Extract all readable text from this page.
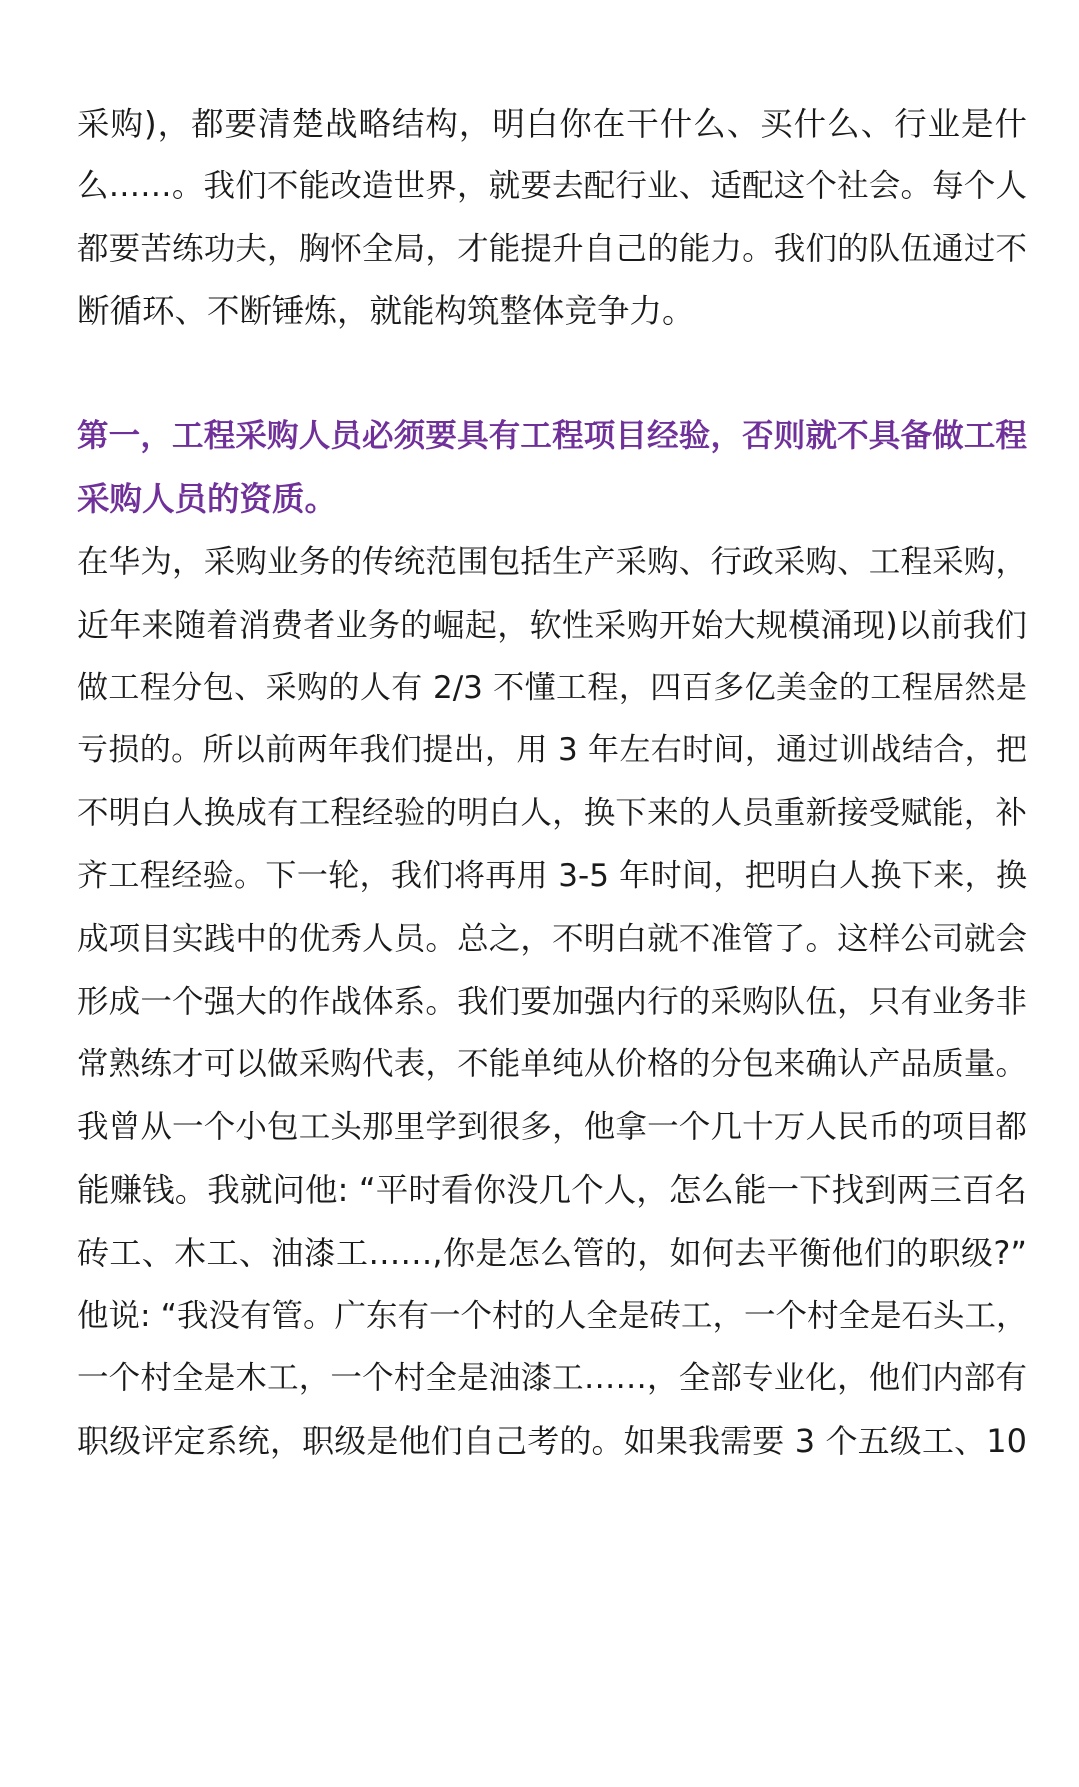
采购)，都要清楚战略结构，明白你在干什么、买什么、行业是什
么……。我们不能改造世界，就要去配行业、适配这个社会。每个人
都要苦练功夫，胸怀全局，才能提升自己的能力。我们的队伍通过不
断循环、不断锤炼，就能构筑整体竞争力。
第一，工程采购人员必须要具有工程项目经验，否则就不具备做工程
采购人员的资质。
在华为，采购业务的传统范围包括生产采购、行政采购、工程采购，
近年来随着消费者业务的崛起，软性采购开始大规模涌现)以前我们
做工程分包、采购的人有 2/3 不懂工程，四百多亿美金的工程居然是
亏损的。所以前两年我们提出，用 3 年左右时间，通过训战结合，把
不明白人换成有工程经验的明白人，换下来的人员重新接受赋能，补
齐工程经验。下一轮，我们将再用 3-5 年时间，把明白人换下来，换
成项目实践中的优秀人员。总之，不明白就不准管了。这样公司就会
形成一个强大的作战体系。我们要加强内行的采购队伍，只有业务非
常熟练才可以做采购代表，不能单纯从价格的分包来确认产品质量。
我曾从一个小包工头那里学到很多，他拿一个几十万人民币的项目都
能赚钱。我就问他: “平时看你没几个人，怎么能一下找到两三百名
砖工、木工、油漆工……,你是怎么管的，如何去平衡他们的职级?”
他说: “我没有管。广东有一个村的人全是砖工，一个村全是石头工，
一个村全是木工，一个村全是油漆工……，全部专业化，他们内部有
职级评定系统，职级是他们自己考的。如果我需要 3 个五级工、10
